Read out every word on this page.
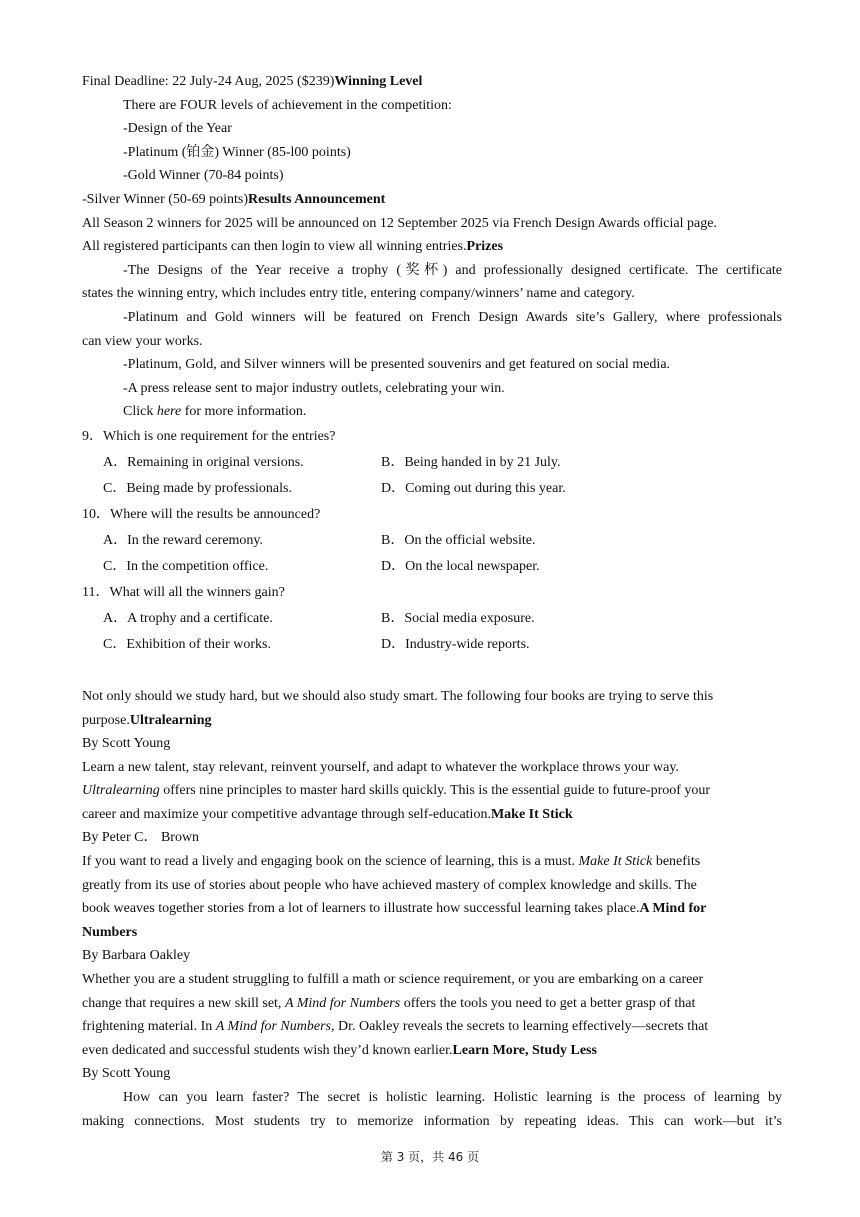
Final Deadline: 22 July-24 Aug, 2025 ($239)Winning Level
There are FOUR levels of achievement in the competition:
-Design of the Year
-Platinum (铂金) Winner (85-l00 points)
-Gold Winner (70-84 points)
-Silver Winner (50-69 points)Results Announcement
All Season 2 winners for 2025 will be announced on 12 September 2025 via French Design Awards official page.
All registered participants can then login to view all winning entries.Prizes
-The Designs of the Year receive a trophy (奖杯) and professionally designed certificate. The certificate
states the winning entry, which includes entry title, entering company/winners’ name and category.
-Platinum and Gold winners will be featured on French Design Awards site’s Gallery, where professionals
can view your works.
-Platinum, Gold, and Silver winners will be presented souvenirs and get featured on social media.
-A press release sent to major industry outlets, celebrating your win.
Click here for more information.
9．Which is one requirement for the entries?
A．Remaining in original versions.	B．Being handed in by 21 July.
C．Being made by professionals.	D．Coming out during this year.
10．Where will the results be announced?
A．In the reward ceremony.	B．On the official website.
C．In the competition office.	D．On the local newspaper.
11．What will all the winners gain?
A．A trophy and a certificate.	B．Social media exposure.
C．Exhibition of their works.	D．Industry-wide reports.
Not only should we study hard, but we should also study smart. The following four books are trying to serve this
purpose.Ultralearning
By Scott Young
Learn a new talent, stay relevant, reinvent yourself, and adapt to whatever the workplace throws your way.
Ultralearning offers nine principles to master hard skills quickly. This is the essential guide to future-proof your
career and maximize your competitive advantage through self-education.Make It Stick
By Peter C． Brown
If you want to read a lively and engaging book on the science of learning, this is a must. Make It Stick benefits
greatly from its use of stories about people who have achieved mastery of complex knowledge and skills. The
book weaves together stories from a lot of learners to illustrate how successful learning takes place.A Mind for
Numbers
By Barbara Oakley
Whether you are a student struggling to fulfill a math or science requirement, or you are embarking on a career
change that requires a new skill set, A Mind for Numbers offers the tools you need to get a better grasp of that
frightening material. In A Mind for Numbers, Dr. Oakley reveals the secrets to learning effectively—secrets that
even dedicated and successful students wish they’d known earlier.Learn More, Study Less
By Scott Young
How can you learn faster? The secret is holistic learning. Holistic learning is the process of learning by
making connections. Most students try to memorize information by repeating ideas. This can work—but it’s
第 3 页，共 46 页
